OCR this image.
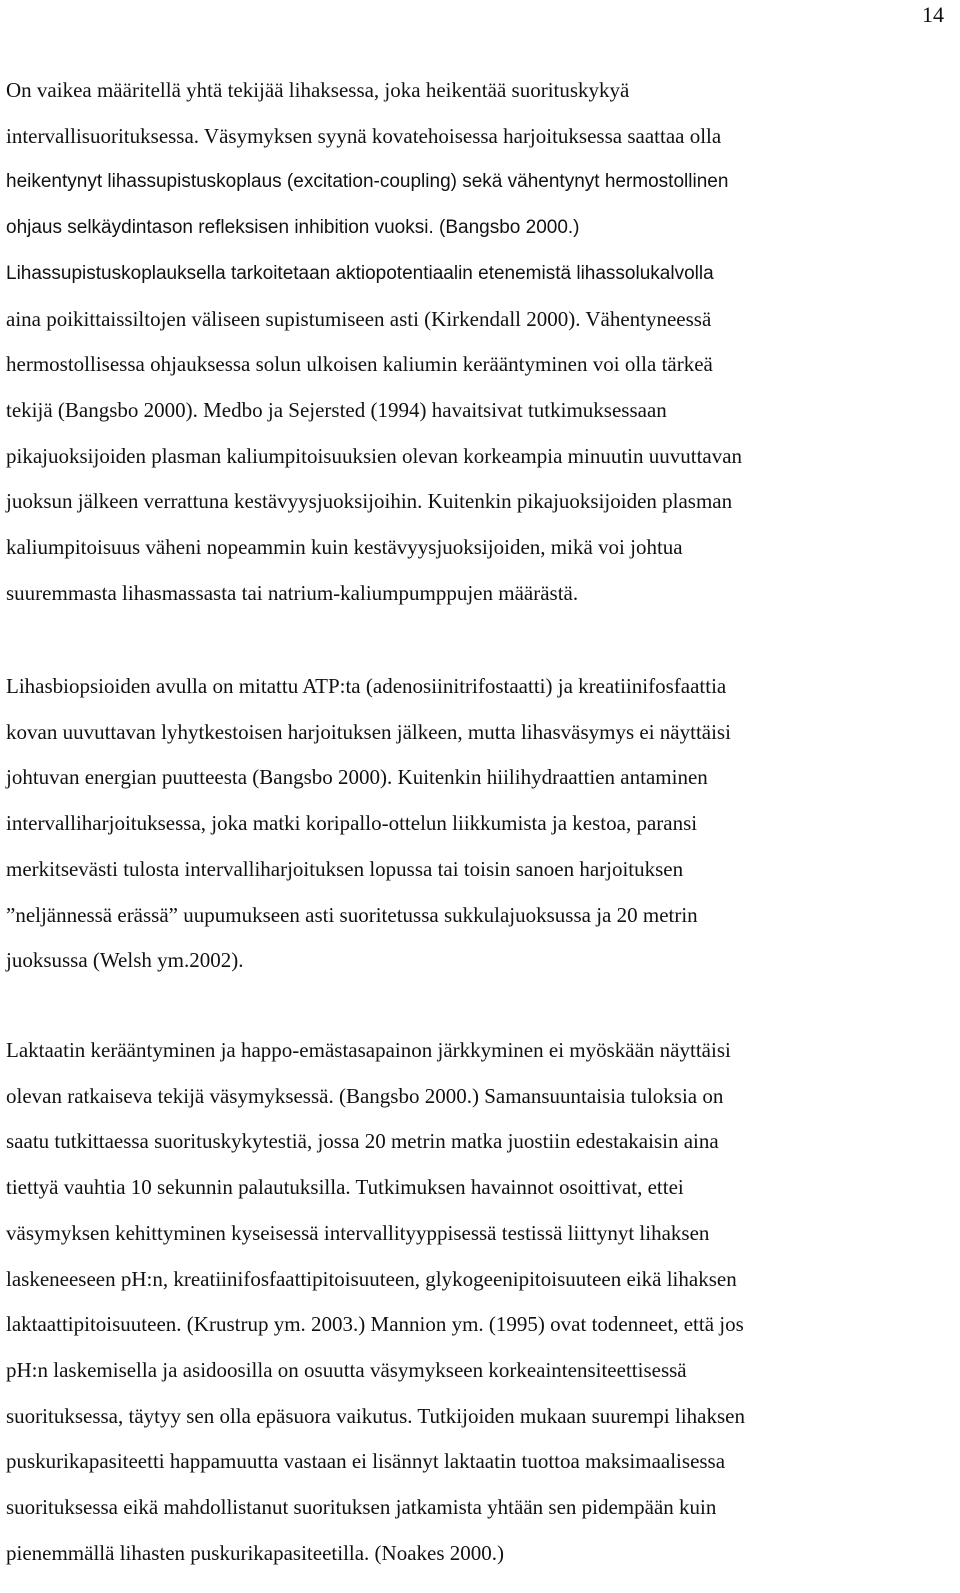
14
On vaikea määritellä yhtä tekijää lihaksessa, joka heikentää suorituskykyä
intervallisuorituksessa. Väsymyksen syynä kovatehoisessa harjoituksessa saattaa olla
heikentynyt lihassupistuskoplaus (excitation-coupling) sekä vähentynyt hermostollinen
ohjaus selkäydintason refleksisen inhibition vuoksi. (Bangsbo 2000.)
Lihassupistuskoplauksella tarkoitetaan aktiopotentiaalin etenemistä lihassolukalvolla
aina poikittaissiltojen väliseen supistumiseen asti (Kirkendall 2000). Vähentyneessä
hermostollisessa ohjauksessa solun ulkoisen kaliumin kerääntyminen voi olla tärkeä
tekijä (Bangsbo 2000). Medbo ja Sejersted (1994) havaitsivat tutkimuksessaan
pikajuoksijoiden plasman kaliumpitoisuuksien olevan korkeampia minuutin uuvuttavan
juoksun jälkeen verrattuna kestävyysjuoksijoihin. Kuitenkin pikajuoksijoiden plasman
kaliumpitoisuus väheni nopeammin kuin kestävyysjuoksijoiden, mikä voi johtua
suuremmasta lihasmassasta tai natrium-kaliumpumppujen määrästä.
Lihasbiopsioiden avulla on mitattu ATP:ta (adenosiinitrifostaatti) ja kreatiinifosfaattia
kovan uuvuttavan lyhytkestoisen harjoituksen jälkeen, mutta lihasväsymys ei näyttäisi
johtuvan energian puutteesta (Bangsbo 2000). Kuitenkin hiilihydraattien antaminen
intervalliharjoituksessa, joka matki koripallo-ottelun liikkumista ja kestoa, paransi
merkitsevästi tulosta intervalliharjoituksen lopussa tai toisin sanoen harjoituksen
”neljännessä erässä” uupumukseen asti suoritetussa sukkulajuoksussa ja 20 metrin
juoksussa (Welsh ym.2002).
Laktaatin kerääntyminen ja happo-emästasapainon järkkyminen ei myöskään näyttäisi
olevan ratkaiseva tekijä väsymyksessä. (Bangsbo 2000.) Samansuuntaisia tuloksia on
saatu tutkittaessa suorituskykytestiä, jossa 20 metrin matka juostiin edestakaisin aina
tiettyä vauhtia 10 sekunnin palautuksilla. Tutkimuksen havainnot osoittivat, ettei
väsymyksen kehittyminen kyseisessä intervallityyppisessä testissä liittynyt lihaksen
laskeneeseen pH:n, kreatiinifosfaattipitoisuuteen, glykogeenipitoisuuteen eikä lihaksen
laktaattipitoisuuteen. (Krustrup ym. 2003.) Mannion ym. (1995) ovat todenneet, että jos
pH:n laskemisella ja asidoosilla on osuutta väsymykseen korkeaintensiteettisessä
suorituksessa, täytyy sen olla epäsuora vaikutus. Tutkijoiden mukaan suurempi lihaksen
puskurikapasiteetti happamuutta vastaan ei lisännyt laktaatin tuottoa maksimaalisessa
suorituksessa eikä mahdollistanut suorituksen jatkamista yhtään sen pidempään kuin
pienemmällä lihasten puskurikapasiteetilla. (Noakes 2000.)
